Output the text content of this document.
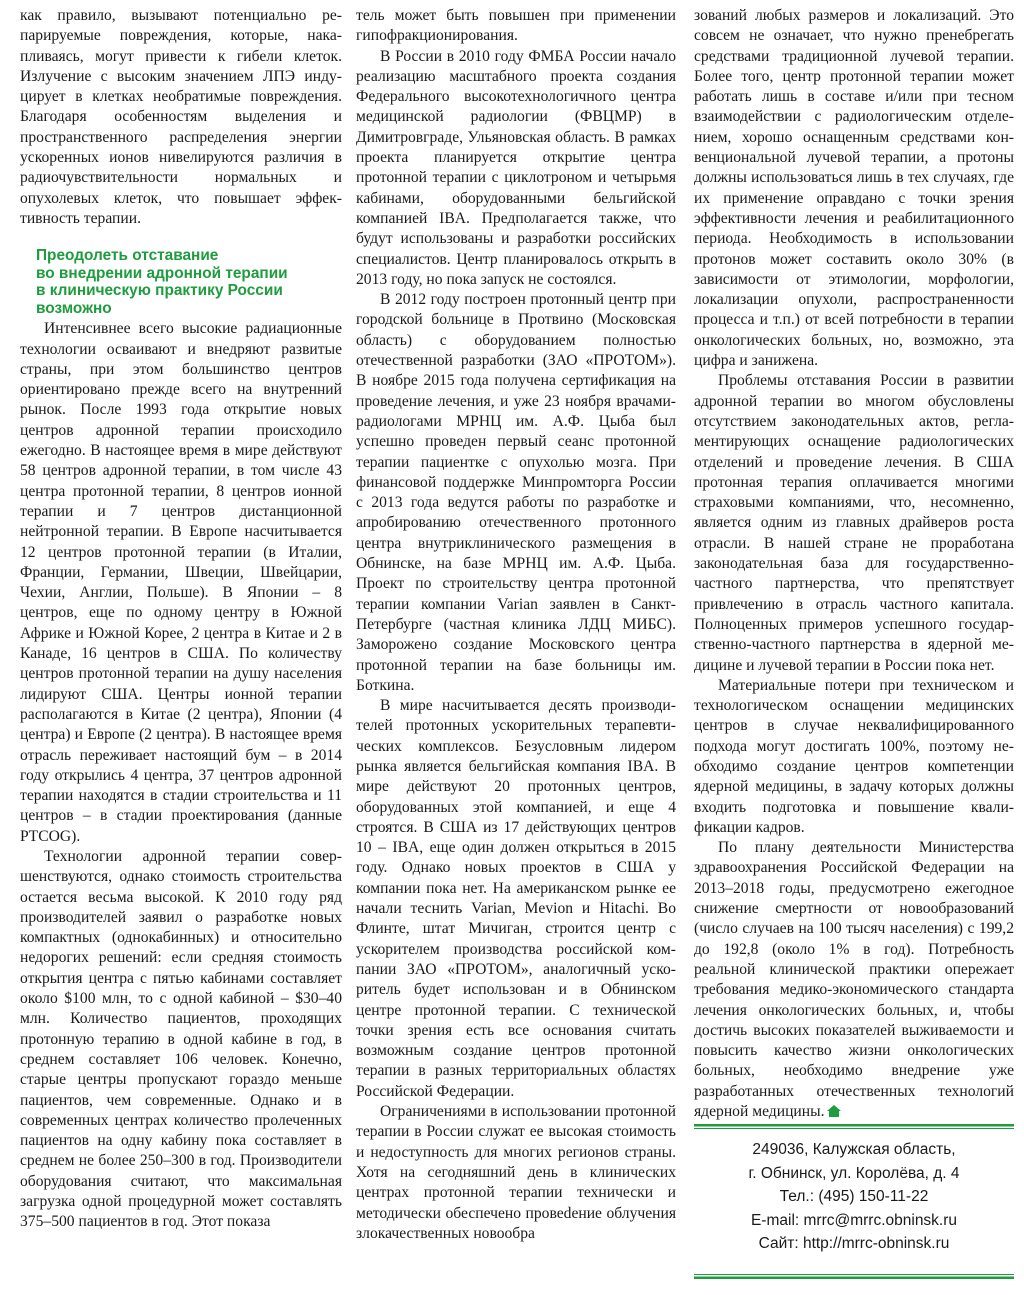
как правило, вызывают потенциально репарируемые повреждения, которые, накапливаясь, могут привести к гибели клеток. Излучение с высоким значением ЛПЭ индуцирует в клетках необратимые повреждения. Благодаря особенностям выделения и пространственного распределения энергии ускоренных ионов нивелируются различия в радиочувствительности нормальных и опухолевых клеток, что повышает эффективность терапии.

Преодолеть отставание
во внедрении адронной терапии
в клиническую практику России
возможно

Интенсивнее всего высокие радиационные технологии осваивают и внедряют развитые страны, при этом большинство центров ориентировано прежде всего на внутренний рынок. После 1993 года открытие новых центров адронной терапии происходило ежегодно. В настоящее время в мире действуют 58 центров адронной терапии, в том числе 43 центра протонной терапии, 8 центров ионной терапии и 7 центров дистанционной нейтронной терапии. В Европе насчитывается 12 центров протонной терапии (в Италии, Франции, Германии, Швеции, Швейцарии, Чехии, Англии, Польше). В Японии – 8 центров, еще по одному центру в Южной Африке и Южной Корее, 2 центра в Китае и 2 в Канаде, 16 центров в США. По количеству центров протонной терапии на душу населения лидируют США. Центры ионной терапии располагаются в Китае (2 центра), Японии (4 центра) и Европе (2 центра). В настоящее время отрасль переживает настоящий бум – в 2014 году открылись 4 центра, 37 центров адронной терапии находятся в стадии строительства и 11 центров – в стадии проектирования (данные PTCOG).

Технологии адронной терапии совершенствуются, однако стоимость строительства остается весьма высокой. К 2010 году ряд производителей заявил о разработке новых компактных (однокабинных) и относительно недорогих решений: если средняя стоимость открытия центра с пятью кабинами составляет около $100 млн, то с одной кабиной – $30–40 млн. Количество пациентов, проходящих протонную терапию в одной кабине в год, в среднем составляет 106 человек. Конечно, старые центры пропускают гораздо меньше пациентов, чем современные. Однако и в современных центрах количество пролеченных пациентов на одну кабину пока составляет в среднем не более 250–300 в год. Производители оборудования считают, что максимальная загрузка одной процедурной может составлять 375–500 пациентов в год. Этот показа

тель может быть повышен при применении гипофракционирования.

В России в 2010 году ФМБА России начало реализацию масштабного проекта создания Федерального высокотехнологичного центра медицинской радиологии (ФВЦМР) в Димитровграде, Ульяновская область. В рамках проекта планируется открытие центра протонной терапии с циклотроном и четырьмя кабинами, оборудованными бельгийской компанией IBA. Предполагается также, что будут использованы и разработки российских специалистов. Центр планировалось открыть в 2013 году, но пока запуск не состоялся.

В 2012 году построен протонный центр при городской больнице в Протвино (Московская область) с оборудованием полностью отечественной разработки (ЗАО «ПРОТОМ»). В ноябре 2015 года получена сертификация на проведение лечения, и уже 23 ноября врачами-радиологами МРНЦ им. А.Ф. Цыба был успешно проведен первый сеанс протонной терапии пациентке с опухолью мозга. При финансовой поддержке Минпромторга России с 2013 года ведутся работы по разработке и апробированию отечественного протонного центра внутриклинического размещения в Обнинске, на базе МРНЦ им. А.Ф. Цыба. Проект по строительству центра протонной терапии компании Varian заявлен в Санкт-Петербурге (частная клиника ЛДЦ МИБС). Заморожено создание Московского центра протонной терапии на базе больницы им. Боткина.

В мире насчитывается десять производителей протонных ускорительных терапевтических комплексов. Безусловным лидером рынка является бельгийская компания IBA. В мире действуют 20 протонных центров, оборудованных этой компанией, и еще 4 строятся. В США из 17 действующих центров 10 – IBA, еще один должен открыться в 2015 году. Однако новых проектов в США у компании пока нет. На американском рынке ее начали теснить Varian, Mevion и Hitachi. Во Флинте, штат Мичиган, строится центр с ускорителем производства российской компании ЗАО «ПРОТОМ», аналогичный ускоритель будет использован и в Обнинском центре протонной терапии. С технической точки зрения есть все основания считать возможным создание центров протонной терапии в разных территориальных областях Российской Федерации.

Ограничениями в использовании протонной терапии в России служат ее высокая стоимость и недоступность для многих регионов страны. Хотя на сегодняшний день в клинических центрах протонной терапии технически и методически обеспечено провеdение облучения злокачественных новообра

зований любых размеров и локализаций. Это совсем не означает, что нужно пренебрегать средствами традиционной лучевой терапии. Более того, центр протонной терапии может работать лишь в составе и/или при тесном взаимодействии с радиологическим отделением, хорошо оснащенным средствами конвенциональной лучевой терапии, а протоны должны использоваться лишь в тех случаях, где их применение оправдано с точки зрения эффективности лечения и реабилитационного периода. Необходимость в использовании протонов может составить около 30% (в зависимости от этимологии, морфологии, локализации опухоли, распространенности процесса и т.п.) от всей потребности в терапии онкологических больных, но, возможно, эта цифра и занижена.

Проблемы отставания России в развитии адронной терапии во многом обусловлены отсутствием законодательных актов, регламентирующих оснащение радиологических отделений и проведение лечения. В США протонная терапия оплачивается многими страховыми компаниями, что, несомненно, является одним из главных драйверов роста отрасли. В нашей стране не проработана законодательная база для государственно-частного партнерства, что препятствует привлечению в отрасль частного капитала. Полноценных примеров успешного государственно-частного партнерства в ядерной медицине и лучевой терапии в России пока нет.

Материальные потери при техническом и технологическом оснащении медицинских центров в случае неквалифицированного подхода могут достигать 100%, поэтому необходимо создание центров компетенции ядерной медицины, в задачу которых должны входить подготовка и повышение квалификации кадров.

По плану деятельности Министерства здравоохранения Российской Федерации на 2013–2018 годы, предусмотрено ежегодное снижение смертности от новообразований (число случаев на 100 тысяч населения) с 199,2 до 192,8 (около 1% в год). Потребность реальной клинической практики опережает требования медико-экономического стандарта лечения онкологических больных, и, чтобы достичь высоких показателей выживаемости и повысить качество жизни онкологических больных, необходимо внедрение уже разработанных отечественных технологий ядерной медицины.

249036, Калужская область,
г. Обнинск, ул. Королёва, д. 4
Тел.: (495) 150-11-22
E-mail: mrrc@mrrc.obninsk.ru
Сайт: http://mrrc-obninsk.ru
